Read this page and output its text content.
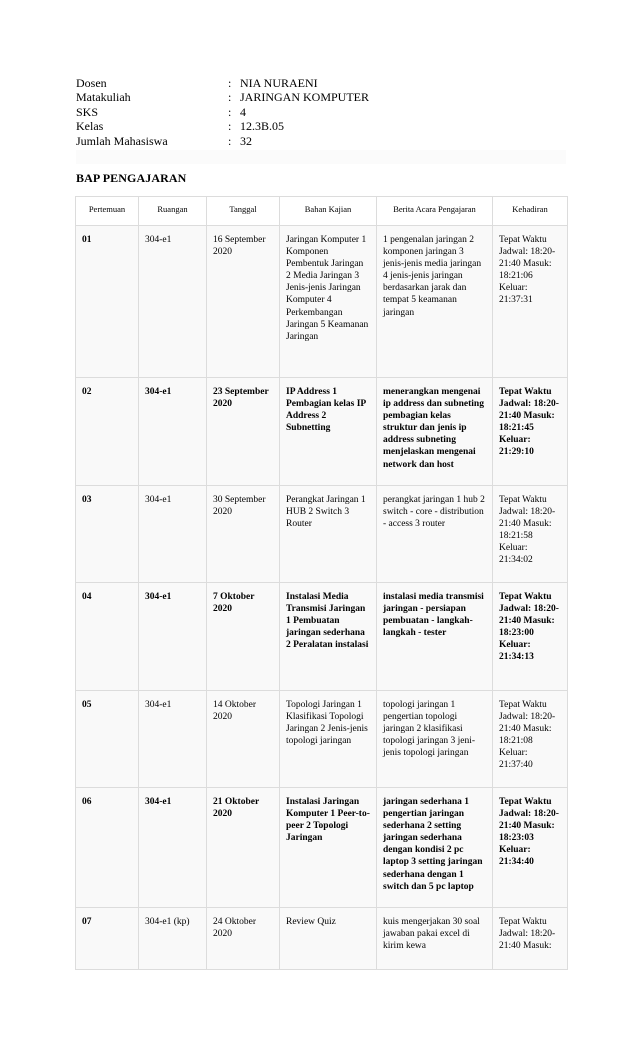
Dosen	: NIA NURAENI
Matakuliah	: JARINGAN KOMPUTER
SKS	: 4
Kelas	: 12.3B.05
Jumlah Mahasiswa	: 32
BAP PENGAJARAN
Pertemuan	Ruangan	Tanggal	Bahan Kajian	Berita Acara Pengajaran	Kehadiran
01	304-e1	16 September 2020	Jaringan Komputer 1 Komponen Pembentuk Jaringan 2 Media Jaringan 3 Jenis-jenis Jaringan Komputer 4 Perkembangan Jaringan 5 Keamanan Jaringan	1 pengenalan jaringan 2 komponen jaringan 3 jenis-jenis media jaringan 4 jenis-jenis jaringan berdasarkan jarak dan tempat 5 keamanan jaringan	Tepat Waktu Jadwal: 18:20-21:40 Masuk: 18:21:06 Keluar: 21:37:31
02	304-e1	23 September 2020	IP Address 1 Pembagian kelas IP Address 2 Subnetting	menerangkan mengenai ip address dan subneting pembagian kelas struktur dan jenis ip address subneting menjelaskan mengenai network dan host	Tepat Waktu Jadwal: 18:20-21:40 Masuk: 18:21:45 Keluar: 21:29:10
03	304-e1	30 September 2020	Perangkat Jaringan 1 HUB 2 Switch 3 Router	perangkat jaringan 1 hub 2 switch - core - distribution - access 3 router	Tepat Waktu Jadwal: 18:20-21:40 Masuk: 18:21:58 Keluar: 21:34:02
04	304-e1	7 Oktober 2020	Instalasi Media Transmisi Jaringan 1 Pembuatan jaringan sederhana 2 Peralatan instalasi	instalasi media transmisi jaringan - persiapan pembuatan - langkah-langkah - tester	Tepat Waktu Jadwal: 18:20-21:40 Masuk: 18:23:00 Keluar: 21:34:13
05	304-e1	14 Oktober 2020	Topologi Jaringan 1 Klasifikasi Topologi Jaringan 2 Jenis-jenis topologi jaringan	topologi jaringan 1 pengertian topologi jaringan 2 klasifikasi topologi jaringan 3 jeni-jenis topologi jaringan	Tepat Waktu Jadwal: 18:20-21:40 Masuk: 18:21:08 Keluar: 21:37:40
06	304-e1	21 Oktober 2020	Instalasi Jaringan Komputer 1 Peer-to-peer 2 Topologi Jaringan	jaringan sederhana 1 pengertian jaringan sederhana 2 setting jaringan sederhana dengan kondisi 2 pc laptop 3 setting jaringan sederhana dengan 1 switch dan 5 pc laptop	Tepat Waktu Jadwal: 18:20-21:40 Masuk: 18:23:03 Keluar: 21:34:40
07	304-e1 (kp)	24 Oktober 2020	Review Quiz	kuis mengerjakan 30 soal jawaban pakai excel di kirim kewa	Tepat Waktu Jadwal: 18:20-21:40 Masuk:
